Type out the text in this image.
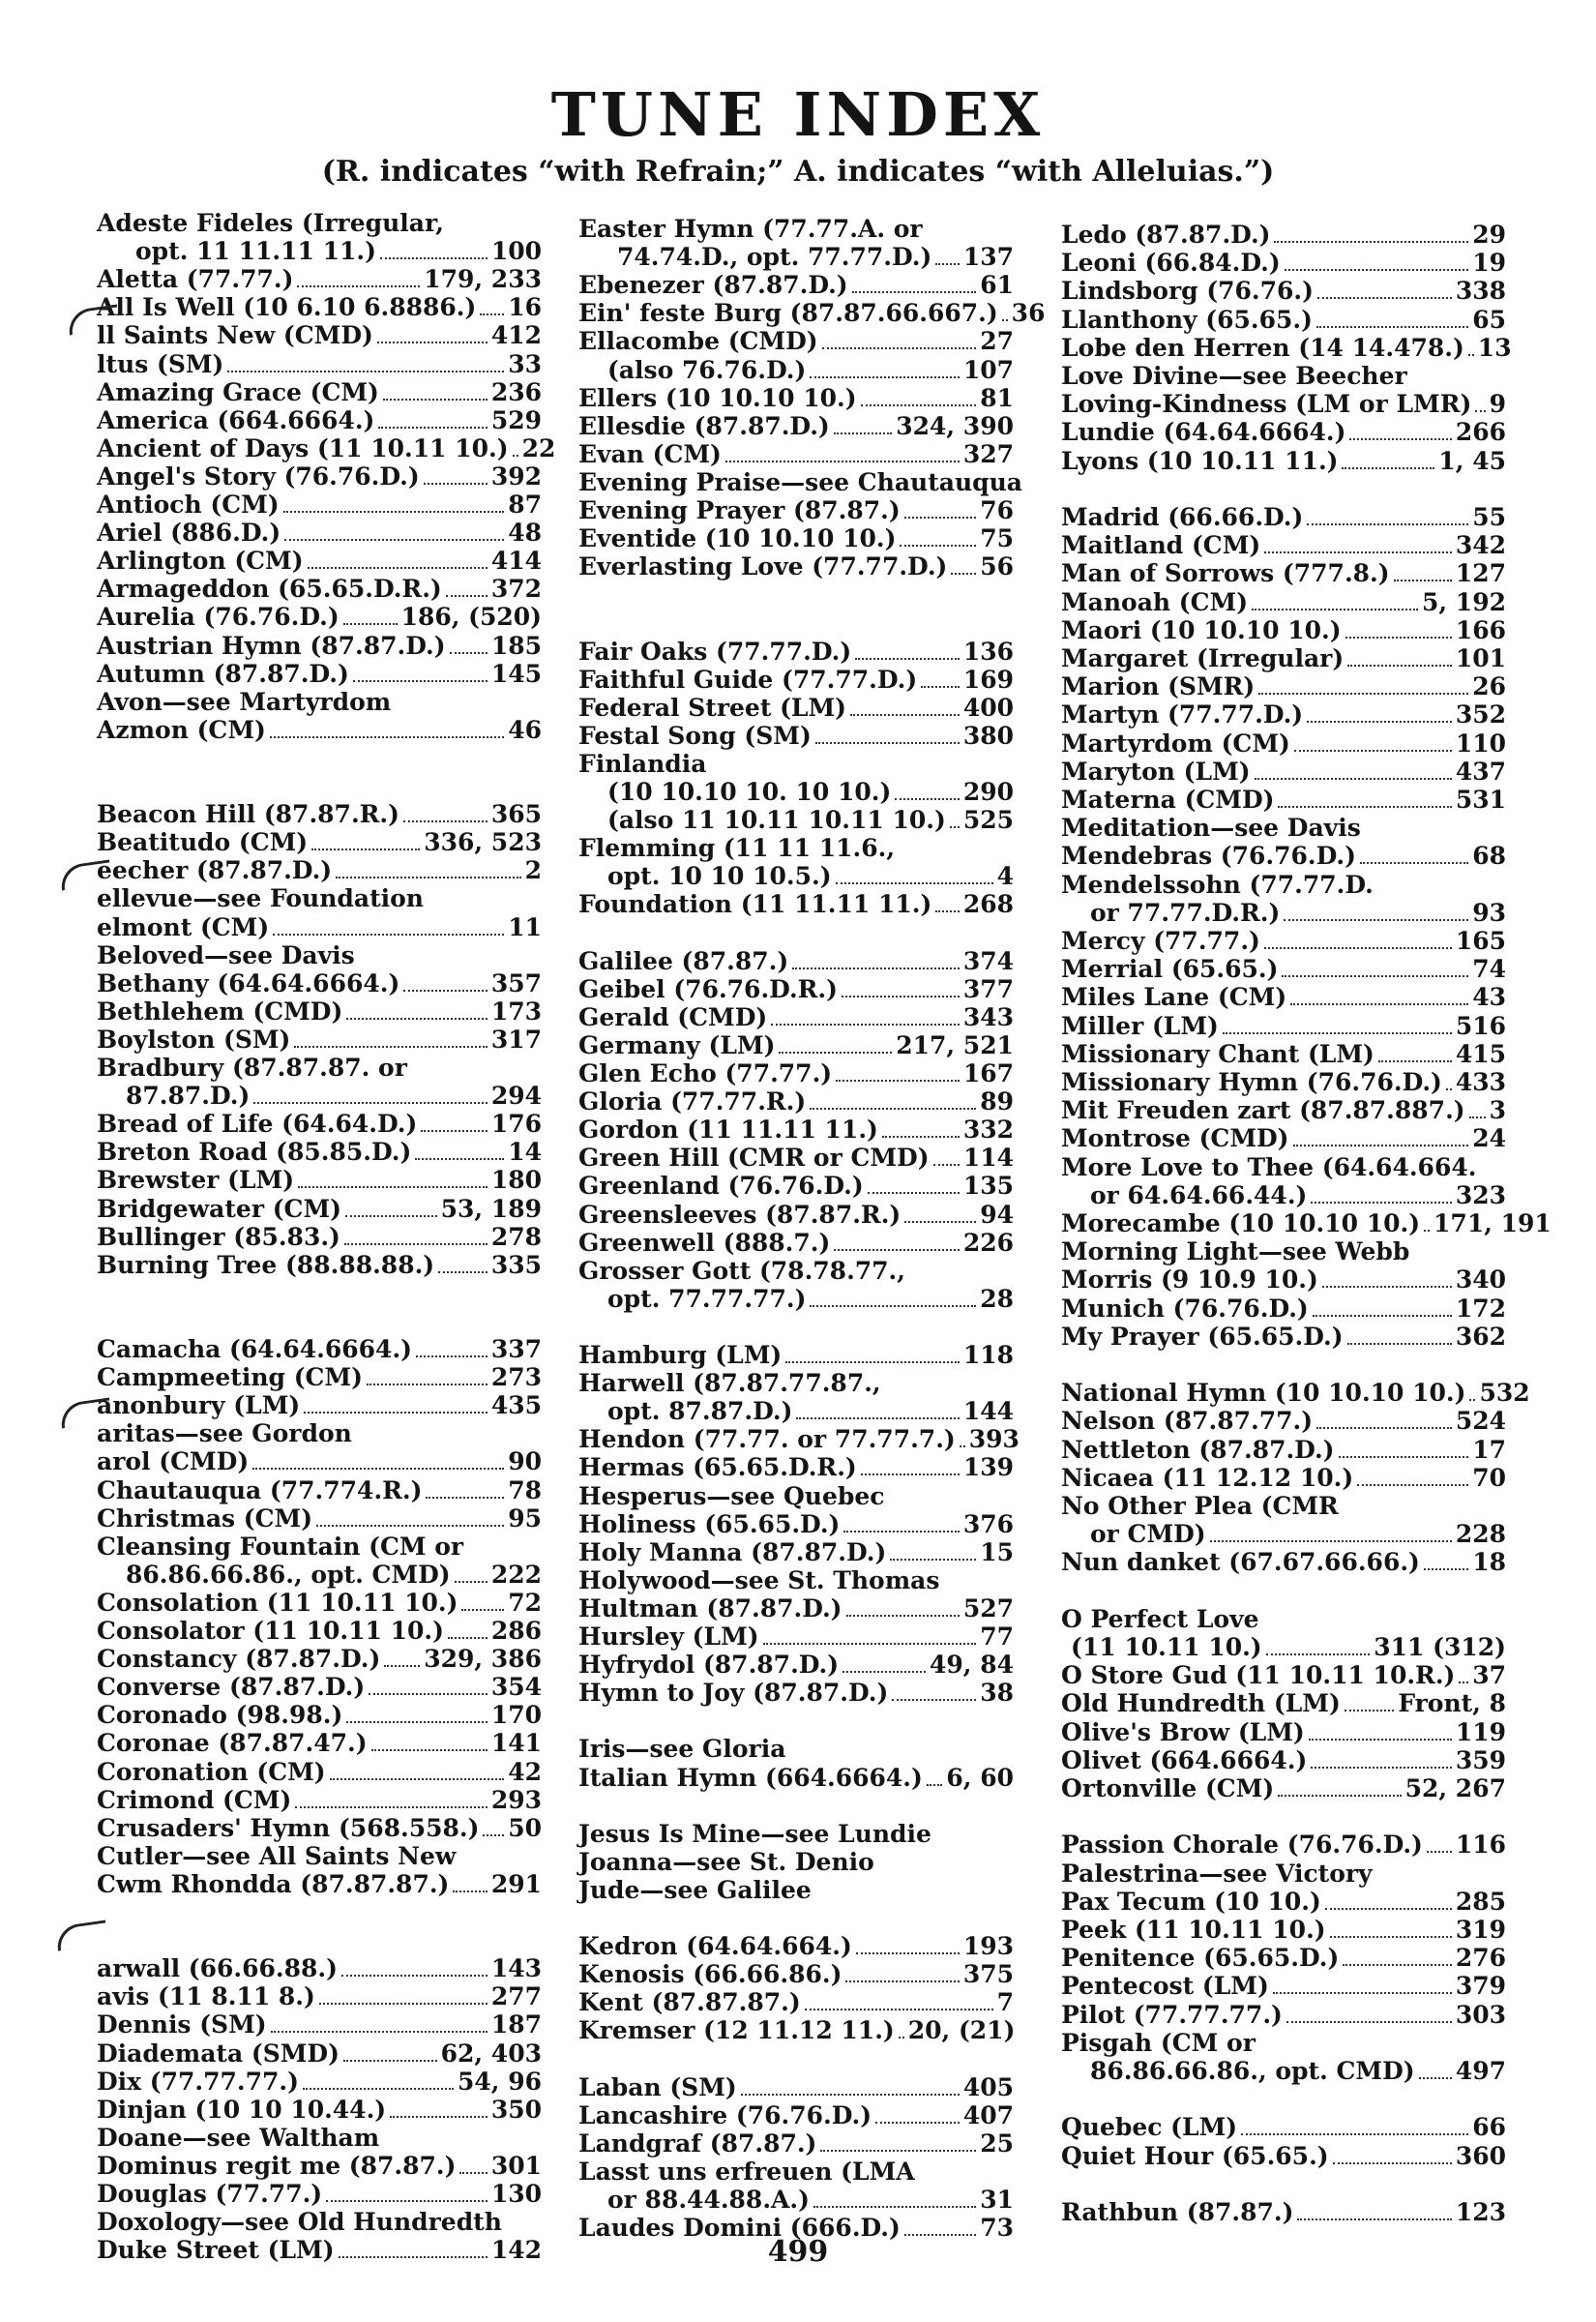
TUNE INDEX
(R. indicates “with Refrain;” A. indicates “with Alleluias.”)
Adeste Fideles (Irregular,
opt. 11 11.11 11.)	100
Aletta (77.77.)	179, 233
All Is Well (10 6.10 6.8886.) 16
ll Saints New (CMD)	412
ltus (SM)	33
Amazing Grace (CM)	236
America (664.6664.)	529
Ancient of Days (11 10.11 10.) 22
Angel's Story (76.76.D.)	392
Antioch (CM)	87
Ariel (886.D.)	48
Arlington (CM)	414
Armageddon (65.65.D.R.) 372
Aurelia (76.76.D.)	186, (520)
Austrian Hymn (87.87.D.) 185
Autumn (87.87.D.)	145
Avon—see Martyrdom
Azmon (CM)	46
Beacon Hill (87.87.R.)	365
Beatitudo (CM)	336, 523
eecher (87.87.D.)	2
ellevue—see Foundation
elmont (CM)	11
Beloved—see Davis
Bethany (64.64.6664.)	357
Bethlehem (CMD)	173
Boylston (SM)	317
Bradbury (87.87.87. or
87.87.D.)	294
Bread of Life (64.64.D.)	176
Breton Road (85.85.D.)	14
Brewster (LM)	180
Bridgewater (CM)	53, 189
Bullinger (85.83.)	278
Burning Tree (88.88.88.) 335
Camacha (64.64.6664.)	337
Campmeeting (CM)	273
anonbury (LM)	435
aritas—see Gordon
arol (CMD)	90
Chautauqua (77.774.R.)	78
Christmas (CM)	95
Cleansing Fountain (CM or
86.86.66.86., opt. CMD) 222
Consolation (11 10.11 10.) 72
Consolator (11 10.11 10.) 286
Constancy (87.87.D.) 329, 386
Converse (87.87.D.)	354
Coronado (98.98.)	170
Coronae (87.87.47.)	141
Coronation (CM)	42
Crimond (CM)	293
Crusaders' Hymn (568.558.) 50
Cutler—see All Saints New
Cwm Rhondda (87.87.87.) 291
arwall (66.66.88.)	143
avis (11 8.11 8.)	277
Dennis (SM)	187
Diademata (SMD)	62, 403
Dix (77.77.77.)	54, 96
Dinjan (10 10 10.44.)	350
Doane—see Waltham
Dominus regit me (87.87.) 301
Douglas (77.77.)	130
Doxology—see Old Hundredth
Duke Street (LM)	142
Easter Hymn (77.77.A. or
74.74.D., opt. 77.77.D.) 137
Ebenezer (87.87.D.)	61
Ein' feste Burg (87.87.66.667.) 36
Ellacombe (CMD)	27
(also 76.76.D.)	107
Ellers (10 10.10 10.)	81
Ellesdie (87.87.D.)	324, 390
Evan (CM)	327
Evening Praise—see Chautauqua
Evening Prayer (87.87.)	76
Eventide (10 10.10 10.)	75
Everlasting Love (77.77.D.) 56
Fair Oaks (77.77.D.)	136
Faithful Guide (77.77.D.) 169
Federal Street (LM)	400
Festal Song (SM)	380
Finlandia
(10 10.10 10. 10 10.)	290
(also 11 10.11 10.11 10.) 525
Flemming (11 11 11.6.,
opt. 10 10 10.5.)	4
Foundation (11 11.11 11.) 268
Galilee (87.87.)	374
Geibel (76.76.D.R.)	377
Gerald (CMD)	343
Germany (LM)	217, 521
Glen Echo (77.77.)	167
Gloria (77.77.R.)	89
Gordon (11 11.11 11.)	332
Green Hill (CMR or CMD) 114
Greenland (76.76.D.)	135
Greensleeves (87.87.R.)	94
Greenwell (888.7.)	226
Grosser Gott (78.78.77.,
opt. 77.77.77.)	28
Hamburg (LM)	118
Harwell (87.87.77.87.,
opt. 87.87.D.)	144
Hendon (77.77. or 77.77.7.) 393
Hermas (65.65.D.R.)	139
Hesperus—see Quebec
Holiness (65.65.D.)	376
Holy Manna (87.87.D.)	15
Holywood—see St. Thomas
Hultman (87.87.D.)	527
Hursley (LM)	77
Hyfrydol (87.87.D.)	49, 84
Hymn to Joy (87.87.D.)	38
Iris—see Gloria
Italian Hymn (664.6664.) 6, 60
Jesus Is Mine—see Lundie
Joanna—see St. Denio
Jude—see Galilee
Kedron (64.64.664.)	193
Kenosis (66.66.86.)	375
Kent (87.87.87.)	7
Kremser (12 11.12 11.) 20, (21)
Laban (SM)	405
Lancashire (76.76.D.)	407
Landgraf (87.87.)	25
Lasst uns erfreuen (LMA
or 88.44.88.A.)	31
Laudes Domini (666.D.)	73
Ledo (87.87.D.)	29
Leoni (66.84.D.)	19
Lindsborg (76.76.)	338
Llanthony (65.65.)	65
Lobe den Herren (14 14.478.) 13
Love Divine—see Beecher
Loving-Kindness (LM or LMR) 9
Lundie (64.64.6664.)	266
Lyons (10 10.11 11.)	1, 45
Madrid (66.66.D.)	55
Maitland (CM)	342
Man of Sorrows (777.8.)	127
Manoah (CM)	5, 192
Maori (10 10.10 10.)	166
Margaret (Irregular)	101
Marion (SMR)	26
Martyn (77.77.D.)	352
Martyrdom (CM)	110
Maryton (LM)	437
Materna (CMD)	531
Meditation—see Davis
Mendebras (76.76.D.)	68
Mendelssohn (77.77.D.
or 77.77.D.R.)	93
Mercy (77.77.)	165
Merrial (65.65.)	74
Miles Lane (CM)	43
Miller (LM)	516
Missionary Chant (LM)	415
Missionary Hymn (76.76.D.) 433
Mit Freuden zart (87.87.887.) 3
Montrose (CMD)	24
More Love to Thee (64.64.664.
or 64.64.66.44.)	323
Morecambe (10 10.10 10.) 171, 191
Morning Light—see Webb
Morris (9 10.9 10.)	340
Munich (76.76.D.)	172
My Prayer (65.65.D.)	362
National Hymn (10 10.10 10.) 532
Nelson (87.87.77.)	524
Nettleton (87.87.D.)	17
Nicaea (11 12.12 10.)	70
No Other Plea (CMR
or CMD)	228
Nun danket (67.67.66.66.) 18
O Perfect Love
(11 10.11 10.)	311 (312)
O Store Gud (11 10.11 10.R.) 37
Old Hundredth (LM) Front, 8
Olive's Brow (LM)	119
Olivet (664.6664.)	359
Ortonville (CM)	52, 267
Passion Chorale (76.76.D.) 116
Palestrina—see Victory
Pax Tecum (10 10.)	285
Peek (11 10.11 10.)	319
Penitence (65.65.D.)	276
Pentecost (LM)	379
Pilot (77.77.77.)	303
Pisgah (CM or
86.86.66.86., opt. CMD) 497
Quebec (LM)	66
Quiet Hour (65.65.)	360
Rathbun (87.87.)	123
499
